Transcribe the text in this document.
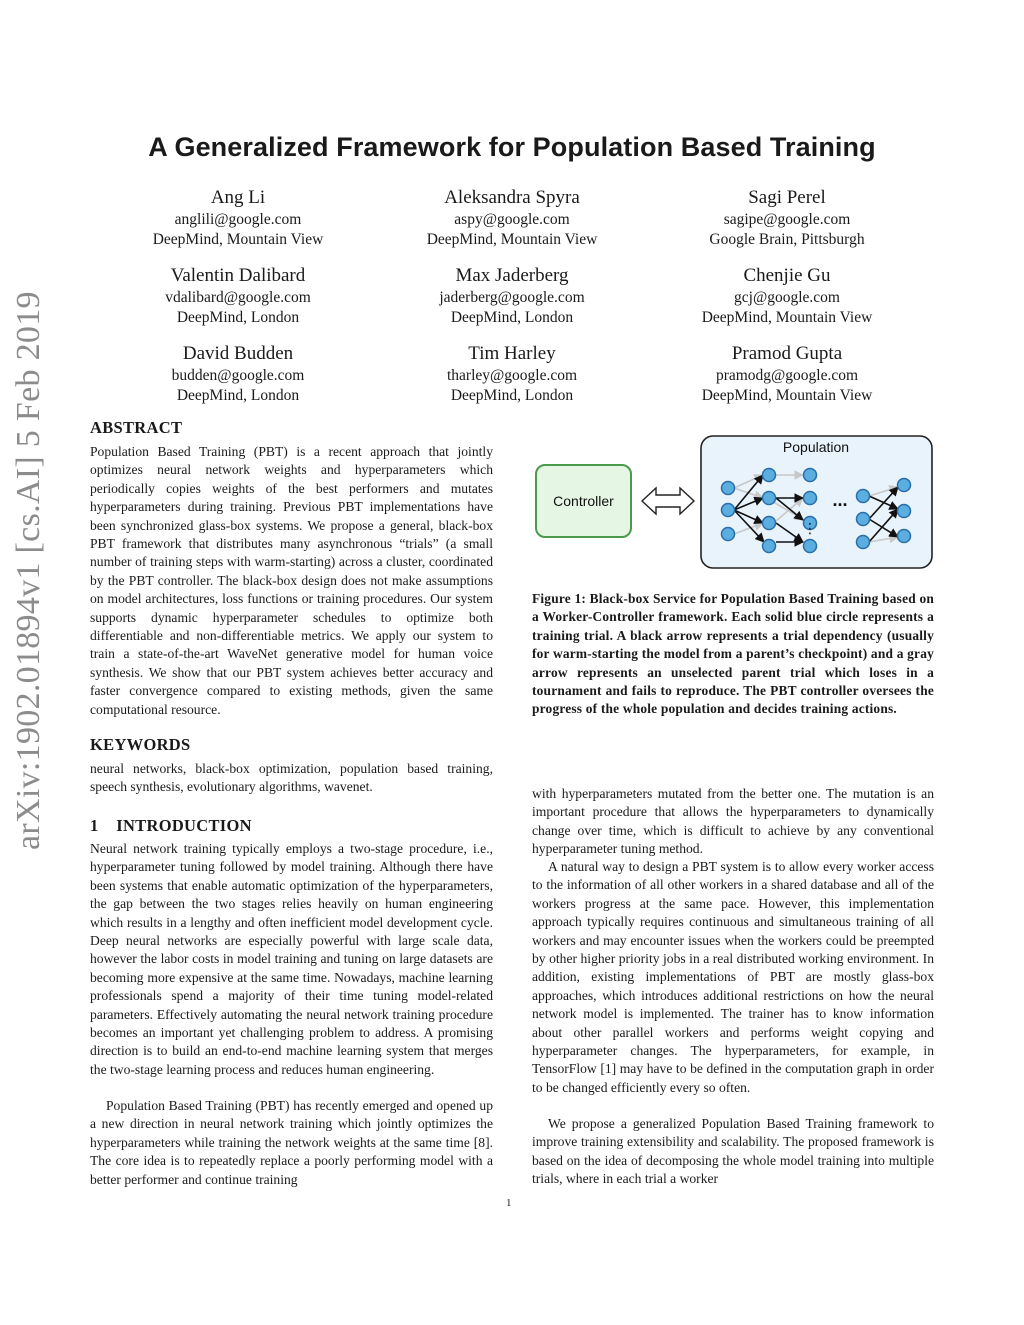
A Generalized Framework for Population Based Training
Ang Li
anglili@google.com
DeepMind, Mountain View
Aleksandra Spyra
aspy@google.com
DeepMind, Mountain View
Sagi Perel
sagipe@google.com
Google Brain, Pittsburgh
Valentin Dalibard
vdalibard@google.com
DeepMind, London
Max Jaderberg
jaderberg@google.com
DeepMind, London
Chenjie Gu
gcj@google.com
DeepMind, Mountain View
David Budden
budden@google.com
DeepMind, London
Tim Harley
tharley@google.com
DeepMind, London
Pramod Gupta
pramodg@google.com
DeepMind, Mountain View
arXiv:1902.01894v1 [cs.AI] 5 Feb 2019	ABSTRACT
Population Based Training (PBT) is a recent approach that jointly optimizes neural network weights and hyperparameters which periodically copies weights of the best performers and mutates hyperparameters during training. Previous PBT implementations have been synchronized glass-box systems. We propose a general, black-box PBT framework that distributes many asynchronous “trials” (a small number of training steps with warm-starting) across a cluster, coordinated by the PBT controller. The black-box design does not make assumptions on model architectures, loss functions or training procedures. Our system supports dynamic hyperparameter schedules to optimize both differentiable and non-differentiable metrics. We apply our system to train a state-of-the-art WaveNet generative model for human voice synthesis. We show that our PBT system achieves better accuracy and faster convergence compared to existing methods, given the same computational resource.
KEYWORDS
neural networks, black-box optimization, population based training, speech synthesis, evolutionary algorithms, wavenet.
1    INTRODUCTION
Neural network training typically employs a two-stage procedure, i.e., hyperparameter tuning followed by model training. Although there have been systems that enable automatic optimization of the hyperparameters, the gap between the two stages relies heavily on human engineering which results in a lengthy and often inefficient model development cycle. Deep neural networks are especially powerful with large scale data, however the labor costs in model training and tuning on large datasets are becoming more expensive at the same time. Nowadays, machine learning professionals spend a majority of their time tuning model-related parameters. Effectively automating the neural network training procedure becomes an important yet challenging problem to address. A promising direction is to build an end-to-end machine learning system that merges the two-stage learning process and reduces human engineering.
Population Based Training (PBT) has recently emerged and opened up a new direction in neural network training which jointly optimizes the hyperparameters while training the network weights at the same time [8]. The core idea is to repeatedly replace a poorly performing model with a better performer and continue training
Controller
Population
...
⋮
Figure 1: Black-box Service for Population Based Training based on a Worker-Controller framework. Each solid blue circle represents a training trial. A black arrow represents a trial dependency (usually for warm-starting the model from a parent’s checkpoint) and a gray arrow represents an unselected parent trial which loses in a tournament and fails to reproduce. The PBT controller oversees the progress of the whole population and decides training actions.
with hyperparameters mutated from the better one. The mutation is an important procedure that allows the hyperparameters to dynamically change over time, which is difficult to achieve by any conventional hyperparameter tuning method.
A natural way to design a PBT system is to allow every worker access to the information of all other workers in a shared database and all of the workers progress at the same pace. However, this implementation approach typically requires continuous and simultaneous training of all workers and may encounter issues when the workers could be preempted by other higher priority jobs in a real distributed working environment. In addition, existing implementations of PBT are mostly glass-box approaches, which introduces additional restrictions on how the neural network model is implemented. The trainer has to know information about other parallel workers and performs weight copying and hyperparameter changes. The hyperparameters, for example, in TensorFlow [1] may have to be defined in the computation graph in order to be changed efficiently every so often.
We propose a generalized Population Based Training framework to improve training extensibility and scalability. The proposed framework is based on the idea of decomposing the whole model training into multiple trials, where in each trial a worker
1
